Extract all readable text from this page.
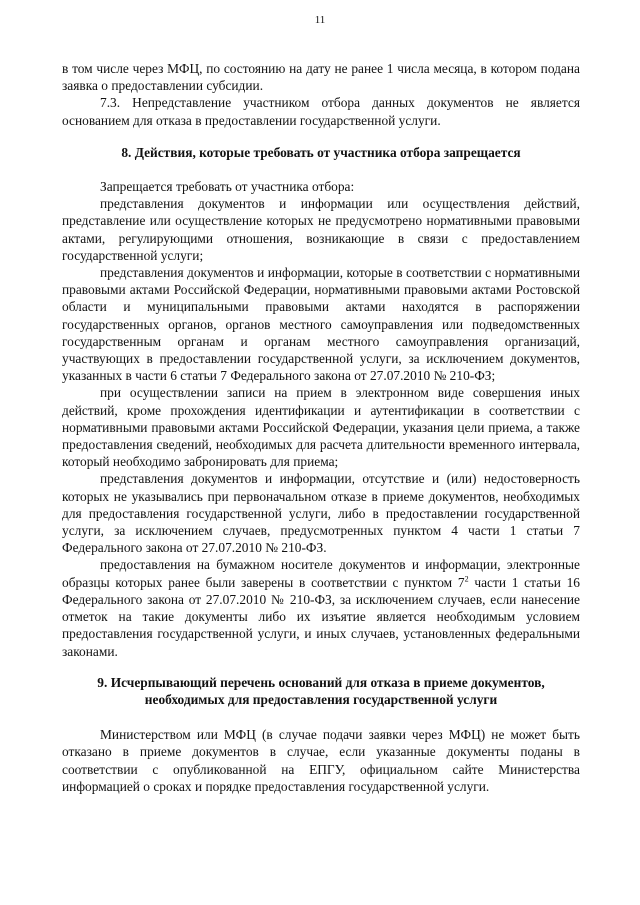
11

в том числе через МФЦ, по состоянию на дату не ранее 1 числа месяца, в котором подана заявка о предоставлении субсидии.

7.3. Непредставление участником отбора данных документов не является основанием для отказа в предоставлении государственной услуги.

8. Действия, которые требовать от участника отбора запрещается

Запрещается требовать от участника отбора:

представления документов и информации или осуществления действий, представление или осуществление которых не предусмотрено нормативными правовыми актами, регулирующими отношения, возникающие в связи с предоставлением государственной услуги;

представления документов и информации, которые в соответствии с нормативными правовыми актами Российской Федерации, нормативными правовыми актами Ростовской области и муниципальными правовыми актами находятся в распоряжении государственных органов, органов местного самоуправления или подведомственных государственным органам и органам местного самоуправления организаций, участвующих в предоставлении государственной услуги, за исключением документов, указанных в части 6 статьи 7 Федерального закона от 27.07.2010 № 210-ФЗ;

при осуществлении записи на прием в электронном виде совершения иных действий, кроме прохождения идентификации и аутентификации в соответствии с нормативными правовыми актами Российской Федерации, указания цели приема, а также предоставления сведений, необходимых для расчета длительности временного интервала, который необходимо забронировать для приема;

представления документов и информации, отсутствие и (или) недостоверность которых не указывались при первоначальном отказе в приеме документов, необходимых для предоставления государственной услуги, либо в предоставлении государственной услуги, за исключением случаев, предусмотренных пунктом 4 части 1 статьи 7 Федерального закона от 27.07.2010 № 210-ФЗ.

предоставления на бумажном носителе документов и информации, электронные образцы которых ранее были заверены в соответствии с пунктом $7^2$ части 1 статьи 16 Федерального закона от 27.07.2010 № 210-ФЗ, за исключением случаев, если нанесение отметок на такие документы либо их изъятие является необходимым условием предоставления государственной услуги, и иных случаев, установленных федеральными законами.

9. Исчерпывающий перечень оснований для отказа в приеме документов,
необходимых для предоставления государственной услуги

Министерством или МФЦ (в случае подачи заявки через МФЦ) не может быть отказано в приеме документов в случае, если указанные документы поданы в соответствии с опубликованной на ЕПГУ, официальном сайте Министерства информацией о сроках и порядке предоставления государственной услуги.
